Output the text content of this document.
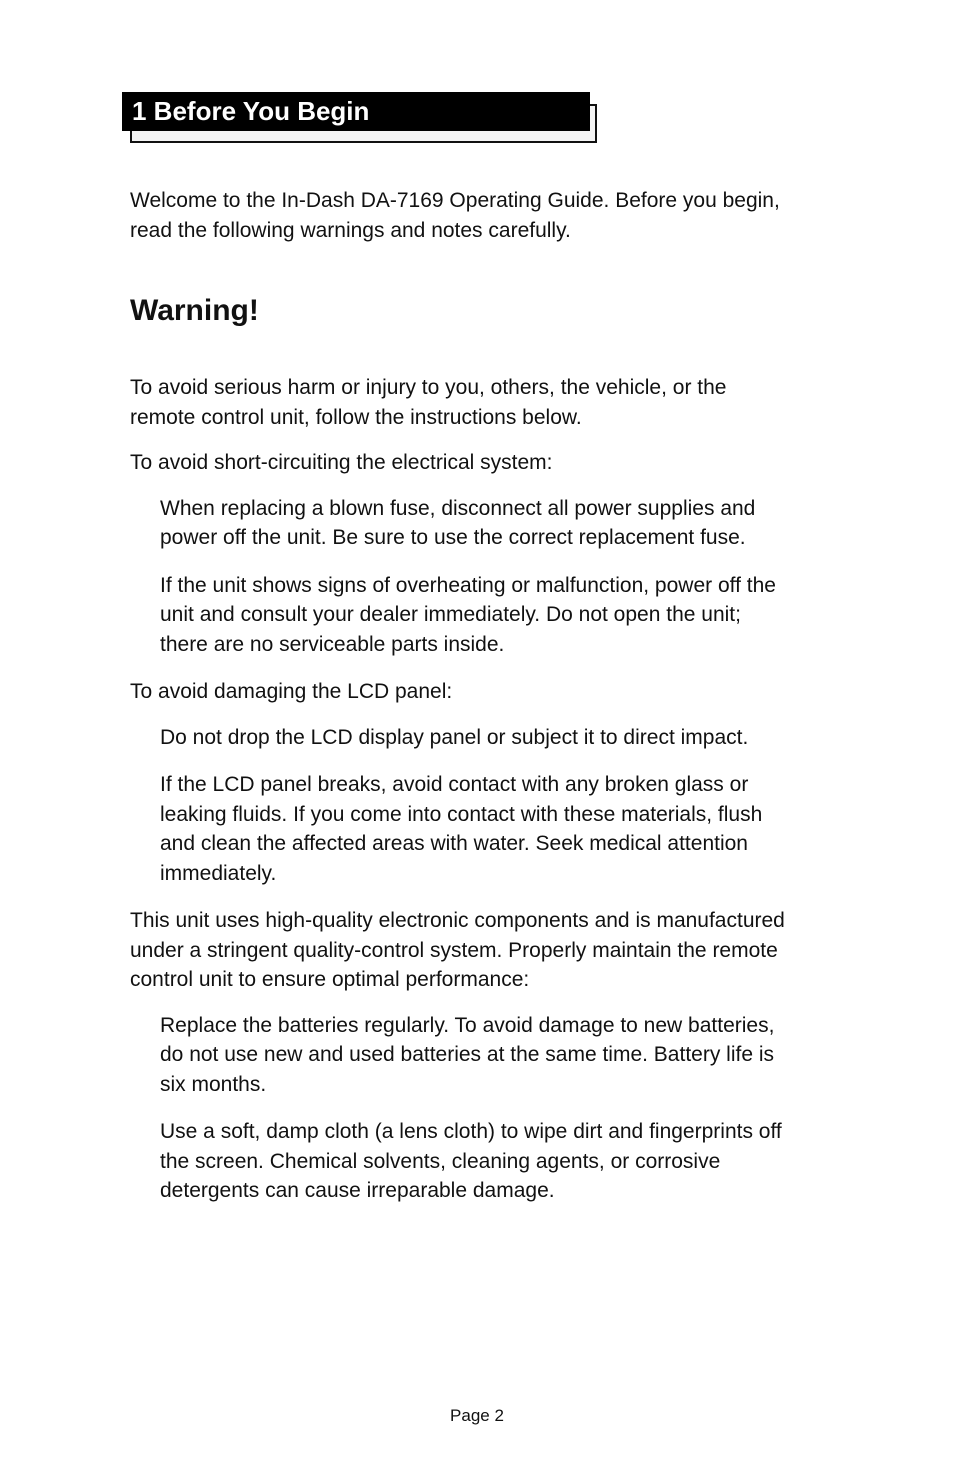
1 Before You Begin

Welcome to the In-Dash DA-7169 Operating Guide. Before you begin, read the following warnings and notes carefully.

Warning!

To avoid serious harm or injury to you, others, the vehicle, or the remote control unit, follow the instructions below.

To avoid short-circuiting the electrical system:

When replacing a blown fuse, disconnect all power supplies and power off the unit. Be sure to use the correct replacement fuse.

If the unit shows signs of overheating or malfunction, power off the unit and consult your dealer immediately. Do not open the unit; there are no serviceable parts inside.

To avoid damaging the LCD panel:

Do not drop the LCD display panel or subject it to direct impact.

If the LCD panel breaks, avoid contact with any broken glass or leaking fluids. If you come into contact with these materials, flush and clean the affected areas with water. Seek medical attention immediately.

This unit uses high-quality electronic components and is manufactured under a stringent quality-control system. Properly maintain the remote control unit to ensure optimal performance:

Replace the batteries regularly. To avoid damage to new batteries, do not use new and used batteries at the same time. Battery life is six months.

Use a soft, damp cloth (a lens cloth) to wipe dirt and fingerprints off the screen. Chemical solvents, cleaning agents, or corrosive detergents can cause irreparable damage.

Page 2
